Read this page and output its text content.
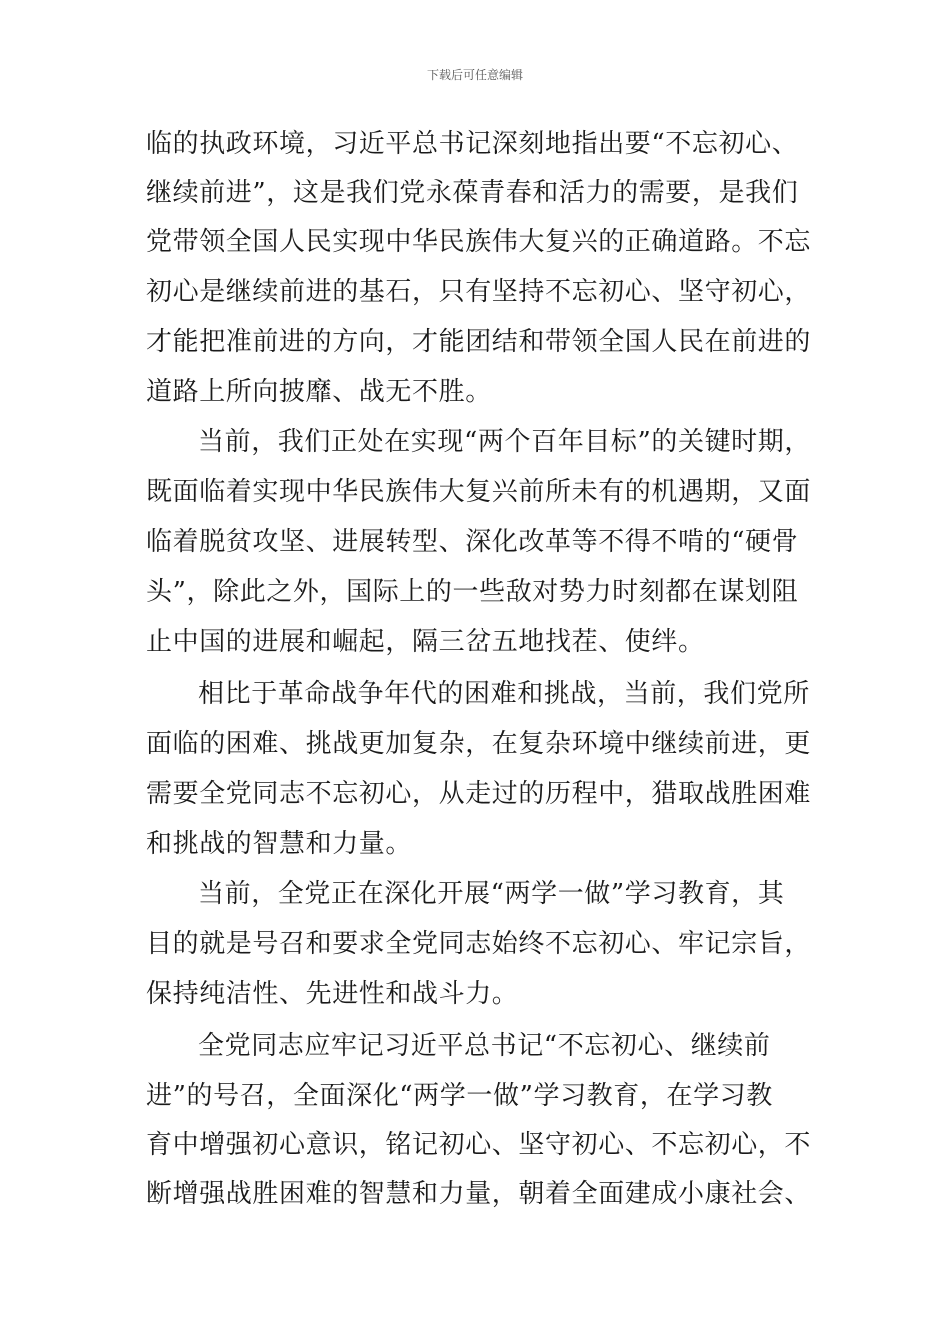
下载后可任意编辑
临的执政环境，习近平总书记深刻地指出要“不忘初心、
继续前进”，这是我们党永葆青春和活力的需要，是我们
党带领全国人民实现中华民族伟大复兴的正确道路。不忘
初心是继续前进的基石，只有坚持不忘初心、坚守初心，
才能把准前进的方向，才能团结和带领全国人民在前进的
道路上所向披靡、战无不胜。
当前，我们正处在实现“两个百年目标”的关键时期，
既面临着实现中华民族伟大复兴前所未有的机遇期，又面
临着脱贫攻坚、进展转型、深化改革等不得不啃的“硬骨
头”，除此之外，国际上的一些敌对势力时刻都在谋划阻
止中国的进展和崛起，隔三岔五地找茬、使绊。
相比于革命战争年代的困难和挑战，当前，我们党所
面临的困难、挑战更加复杂，在复杂环境中继续前进，更
需要全党同志不忘初心，从走过的历程中，猎取战胜困难
和挑战的智慧和力量。
当前，全党正在深化开展“两学一做”学习教育，其
目的就是号召和要求全党同志始终不忘初心、牢记宗旨，
保持纯洁性、先进性和战斗力。
全党同志应牢记习近平总书记“不忘初心、继续前
进”的号召，全面深化“两学一做”学习教育，在学习教
育中增强初心意识，铭记初心、坚守初心、不忘初心，不
断增强战胜困难的智慧和力量，朝着全面建成小康社会、
